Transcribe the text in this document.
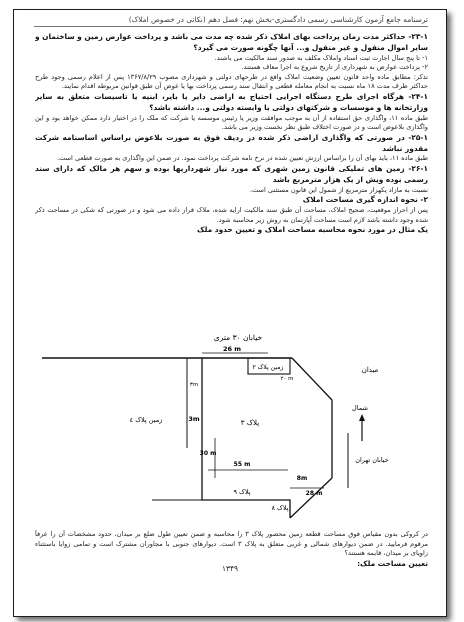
ترسنامه جامع آزمون کارشناسی رسمی دادگستری-بخش نهم: فصل دهم (نکاتی در خصوص املاک)

۲۳-۱- حداکثر مدت زمان پرداخت بهای املاک ذکر شده چه مدت می باشد و پرداخت عوارض زمین و ساختمان و سایر اموال منقول و غیر منقول و... آنها چگونه صورت می گیرد؟

۱- تا پنج سال اجارت ثبت اسناد واملاک مکلف به صدور سند مالکیت می باشند.

۲- پرداخت عوارض به شهرداری از تاریخ شروع به اجرا معاف هستند.

تذکر: مطابق ماده واحد قانون تعیین وضعیت املاک واقع در طرحهای دولتی و شهرداری مصوب ۱۳۶۷/۸/۲۹ پس از اعلام رسمی وجود طرح حداکثر ظرف مدت ۱۸ ماه نسبت به انجام معامله قطعی و انتقال سند رسمی پرداخت بها یا عوض آن طبق قوانین مربوطه اقدام نمایند.

۲۴-۱- هرگاه اجرای طرح دستگاه اجرایی احتیاج به اراضی دایر یا بایر، ابنیه یا تاسیسات متعلق به سایر وزارتخانه ها و موسسات و شرکتهای دولتی یا وابسته دولتی و... داشته باشد؟

طبق ماده ۱۱، واگذاری حق استفاده از آن به موجب موافقت وزیر یا رئیس موسسه یا شرکت که ملک را در اختیار دارد ممکن خواهد بود و این واگذاری بلاعوض است و در صورت اختلاف طبق نظر نخست وزیر می باشد.

۲۵-۱- در صورتی که واگذاری اراضی ذکر شده در ردیف فوق به صورت بلاعوض براساس اساسنامه شرکت مقدور نباشد

طبق ماده ۱۱، باید بهای آن را براساس ارزش تعیین شده در نرخ نامه شرکت پرداخت نمود. در ضمن این واگذاری به صورت قطعی است.

۲۶-۱- زمین های تملیکی قانون زمین شهری که مورد نیاز شهرداریها بوده و سهم هر مالک که دارای سند رسمی بوده ویش از یک هزار مترمربع باشد

نسبت به مازاد یکهزار مترمربع از شمول این قانون مستثنی است.

۲- نحوه اندازه گیری مساحت املاک

پس از احراز موقعیت، صحیح املاک، مساحت آن طبق سند مالکیت ارایه شده، ملاک قرار داده می شود و در صورتی که شکی در مساحت ذکر شده وجود داشته باشد لازم است مساحت آپارتمان به روش زیر محاسبه شود.

یک مثال در مورد نحوه محاسبه مساحت املاک و تعیین حدود ملک

خیابان ۳۰ متری
26 m
زمین پلاک ۲
۲۰ m
زمین پلاک ٤	3m	پلاک ۳
30 m
55 m
پلاک ۹
8m
28 m
پلاک ۸
میدان
شمال
خیابان تهران
۳m

در کروکی بدون مقیاس فوق مساحت قطعه زمین محصور پلاک ۳ را محاسبه و ضمن تعیین طول ضلع بر میدان، حدود مشخصات آن را عرفاً مرقوم فرمایید. در ضمن دیوارهای شمالی و غربی متعلق به پلاک ۳ است. دیوارهای جنوبی با مجاوران مشترک است و تمامی زوایا باستثناء زاویای بر میدان، قایمه هستند؟

تعیین مساحت ملک:

۱۳۴۹
